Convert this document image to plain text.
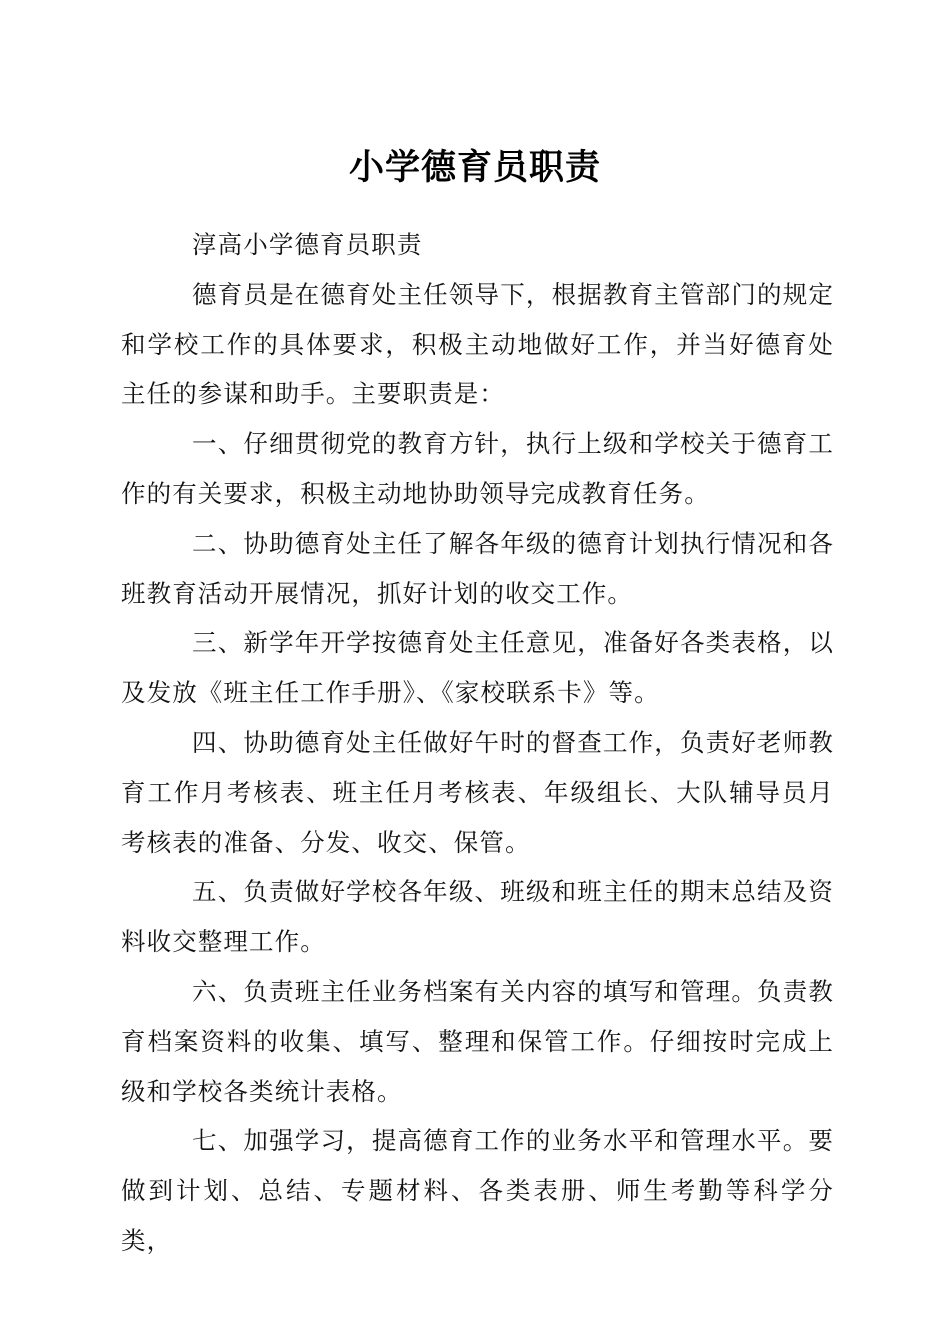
小学德育员职责

淳高小学德育员职责

德育员是在德育处主任领导下，根据教育主管部门的规定和学校工作的具体要求，积极主动地做好工作，并当好德育处主任的参谋和助手。主要职责是：

一、仔细贯彻党的教育方针，执行上级和学校关于德育工作的有关要求，积极主动地协助领导完成教育任务。

二、协助德育处主任了解各年级的德育计划执行情况和各班教育活动开展情况，抓好计划的收交工作。

三、新学年开学按德育处主任意见，准备好各类表格，以及发放《班主任工作手册》、《家校联系卡》等。

四、协助德育处主任做好午时的督查工作，负责好老师教育工作月考核表、班主任月考核表、年级组长、大队辅导员月考核表的准备、分发、收交、保管。

五、负责做好学校各年级、班级和班主任的期末总结及资料收交整理工作。

六、负责班主任业务档案有关内容的填写和管理。负责教育档案资料的收集、填写、整理和保管工作。仔细按时完成上级和学校各类统计表格。

七、加强学习，提高德育工作的业务水平和管理水平。要做到计划、总结、专题材料、各类表册、师生考勤等科学分类，
